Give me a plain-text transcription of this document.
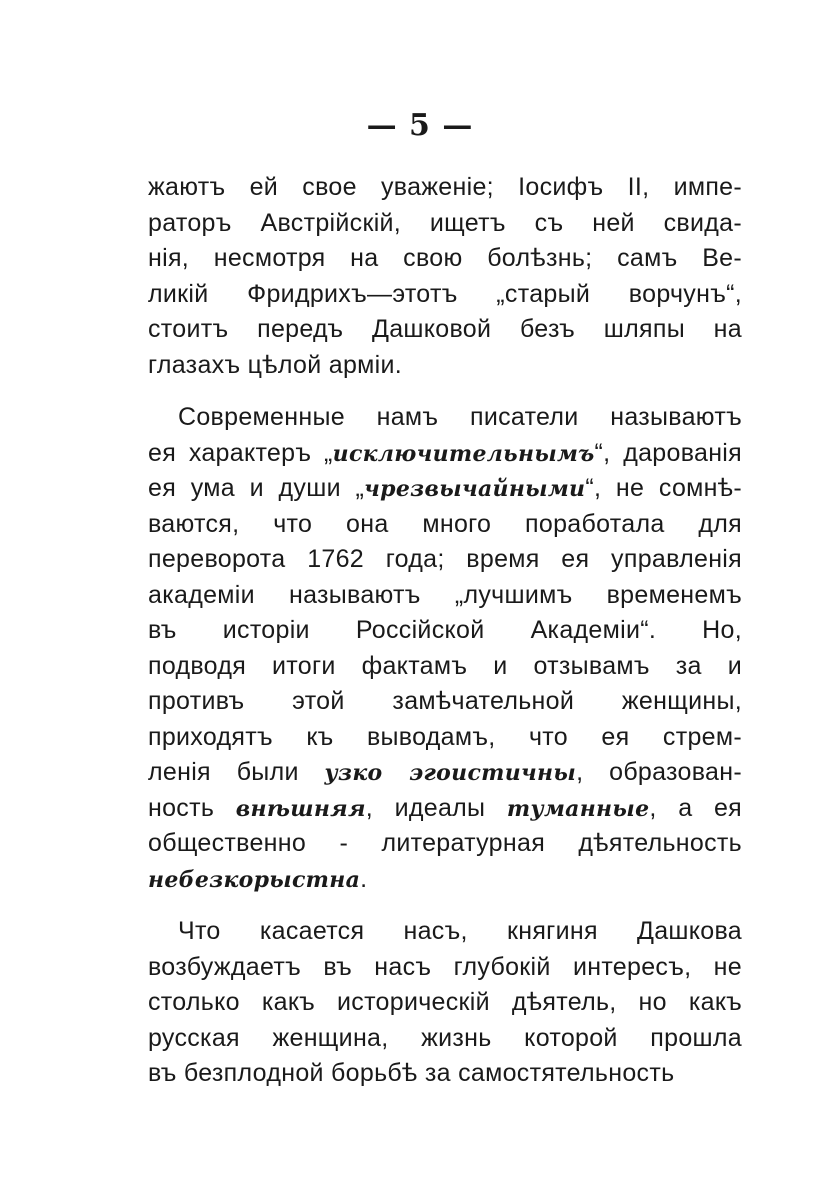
— 5 —
жаютъ ей свое уваженіе; Іосифъ II, импе-
раторъ Австрійскій, ищетъ съ ней свида-
нія, несмотря на свою болѣзнь; самъ Ве-
ликій Фридрихъ—этотъ „старый ворчунъ“,
стоитъ передъ Дашковой безъ шляпы на
глазахъ цѣлой арміи.
Современные намъ писатели называютъ
ея характеръ „исключительнымъ“, дарованія
ея ума и души „чрезвычайными“, не сомнѣ-
ваются, что она много поработала для
переворота 1762 года; время ея управленія
академіи называютъ „лучшимъ временемъ
въ исторіи Россійской Академіи“. Но,
подводя итоги фактамъ и отзывамъ за и
противъ этой замѣчательной женщины,
приходятъ къ выводамъ, что ея стрем-
ленія были узко эгоистичны, образован-
ность внѣшняя, идеалы туманные, а ея
общественно - литературная дѣятельность
небезкорыстна.
Что касается насъ, княгиня Дашкова
возбуждаетъ въ насъ глубокій интересъ, не
столько какъ историческій дѣятель, но какъ
русская женщина, жизнь которой прошла
въ безплодной борьбѣ за самостятельность
